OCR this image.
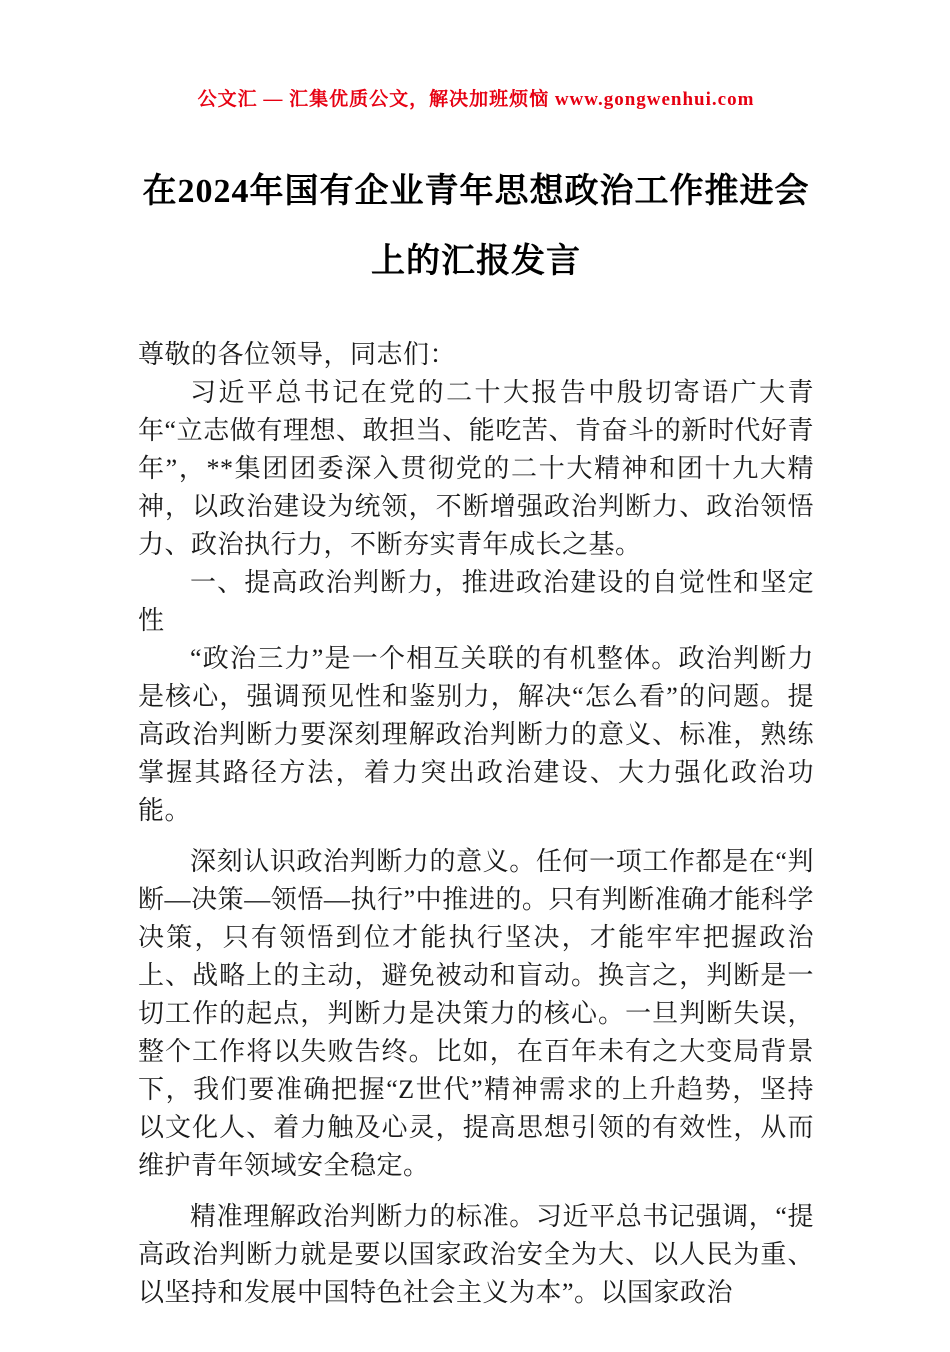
公文汇 — 汇集优质公文，解决加班烦恼 www.gongwenhui.com
在2024年国有企业青年思想政治工作推进会上的汇报发言

尊敬的各位领导，同志们：

习近平总书记在党的二十大报告中殷切寄语广大青年“立志做有理想、敢担当、能吃苦、肯奋斗的新时代好青年”，**集团团委深入贯彻党的二十大精神和团十九大精神，以政治建设为统领，不断增强政治判断力、政治领悟力、政治执行力，不断夯实青年成长之基。

一、提高政治判断力，推进政治建设的自觉性和坚定性

“政治三力”是一个相互关联的有机整体。政治判断力是核心，强调预见性和鉴别力，解决“怎么看”的问题。提高政治判断力要深刻理解政治判断力的意义、标准，熟练掌握其路径方法，着力突出政治建设、大力强化政治功能。

深刻认识政治判断力的意义。任何一项工作都是在“判断—决策—领悟—执行”中推进的。只有判断准确才能科学决策，只有领悟到位才能执行坚决，才能牢牢把握政治上、战略上的主动，避免被动和盲动。换言之，判断是一切工作的起点，判断力是决策力的核心。一旦判断失误，整个工作将以失败告终。比如，在百年未有之大变局背景下，我们要准确把握“Z世代”精神需求的上升趋势，坚持以文化人、着力触及心灵，提高思想引领的有效性，从而维护青年领域安全稳定。

精准理解政治判断力的标准。习近平总书记强调，“提高政治判断力就是要以国家政治安全为大、以人民为重、以坚持和发展中国特色社会主义为本”。以国家政治
